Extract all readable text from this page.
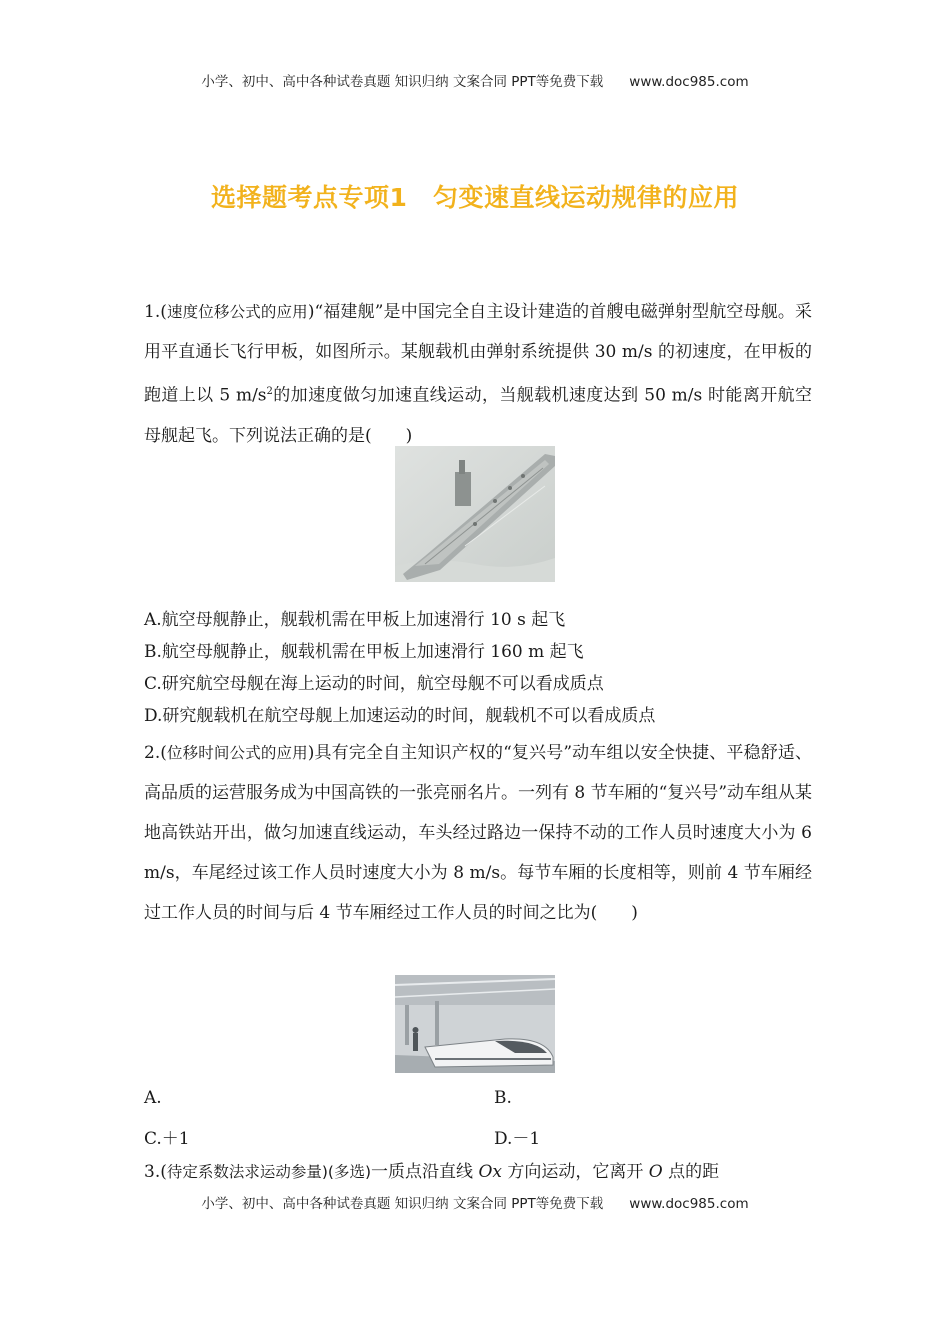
小学、初中、高中各种试卷真题 知识归纳 文案合同 PPT等免费下载 www.doc985.com
选择题考点专项1　匀变速直线运动规律的应用

1.(速度位移公式的应用)“福建舰”是中国完全自主设计建造的首艘电磁弹射型航空母舰。采用平直通长飞行甲板，如图所示。某舰载机由弹射系统提供 30 m/s 的初速度，在甲板的跑道上以 5 $m/s^2$的加速度做匀加速直线运动，当舰载机速度达到 50 m/s 时能离开航空母舰起飞。下列说法正确的是(　　)

A.航空母舰静止，舰载机需在甲板上加速滑行 10 s 起飞

B.航空母舰静止，舰载机需在甲板上加速滑行 160 m 起飞

C.研究航空母舰在海上运动的时间，航空母舰不可以看成质点

D.研究舰载机在航空母舰上加速运动的时间，舰载机不可以看成质点

2.(位移时间公式的应用)具有完全自主知识产权的“复兴号”动车组以安全快捷、平稳舒适、高品质的运营服务成为中国高铁的一张亮丽名片。一列有 8 节车厢的“复兴号”动车组从某地高铁站开出，做匀加速直线运动，车头经过路边一保持不动的工作人员时速度大小为 6 m/s，车尾经过该工作人员时速度大小为 8 m/s。每节车厢的长度相等，则前 4 节车厢经过工作人员的时间与后 4 节车厢经过工作人员的时间之比为(　　)

A.	B.
C.＋1	D.－1

3.(待定系数法求运动参量)(多选)一质点沿直线 Ox 方向运动，它离开 O 点的距

小学、初中、高中各种试卷真题 知识归纳 文案合同 PPT等免费下载 www.doc985.com
